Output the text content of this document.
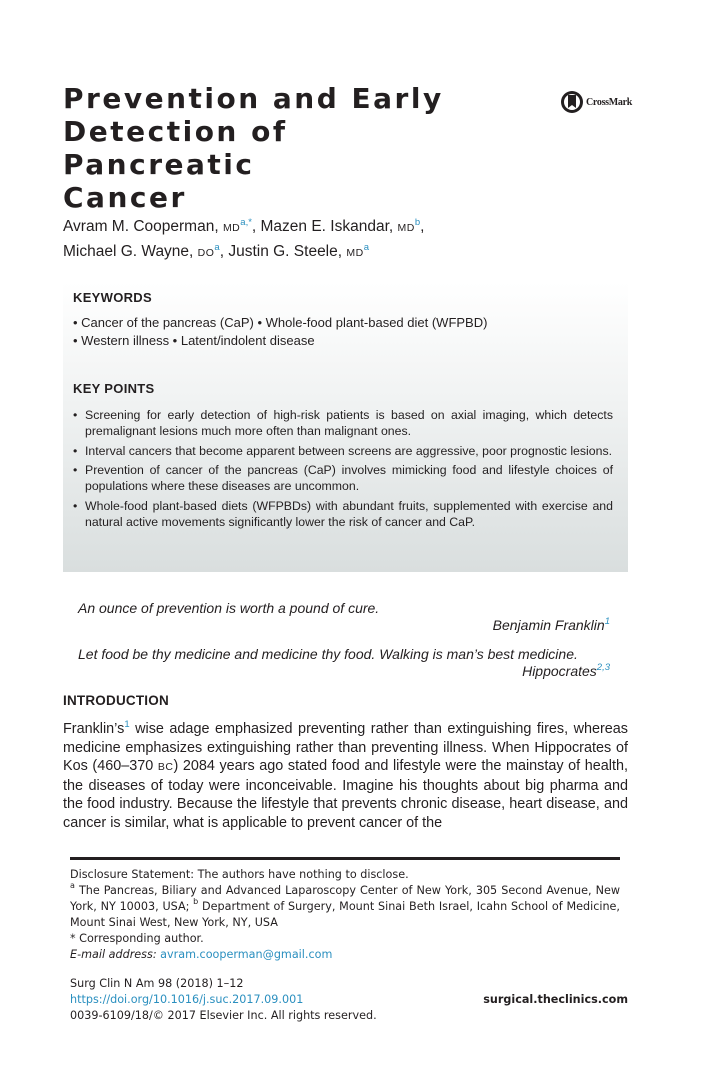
Prevention and Early
Detection of Pancreatic
Cancer
CrossMark
Avram M. Cooperman, $MD^{a,*}$, Mazen E. Iskandar, $MD^b$,
Michael G. Wayne, $DO^a$, Justin G. Steele, $MD^a$
KEYWORDS
• Cancer of the pancreas (CaP) • Whole-food plant-based diet (WFPBD)
• Western illness • Latent/indolent disease
KEY POINTS
• Screening for early detection of high-risk patients is based on axial imaging, which detects premalignant lesions much more often than malignant ones.
• Interval cancers that become apparent between screens are aggressive, poor prognostic lesions.
• Prevention of cancer of the pancreas (CaP) involves mimicking food and lifestyle choices of populations where these diseases are uncommon.
• Whole-food plant-based diets (WFPBDs) with abundant fruits, supplemented with exercise and natural active movements significantly lower the risk of cancer and CaP.
An ounce of prevention is worth a pound of cure.
Benjamin Franklin$^1$
Let food be thy medicine and medicine thy food. Walking is man’s best medicine.
Hippocrates$^{2,3}$
INTRODUCTION

$Franklin’s^1$ wise adage emphasized preventing rather than extinguishing fires, whereas medicine emphasizes extinguishing rather than preventing illness. When Hippocrates of Kos (460–370 BC) 2084 years ago stated food and lifestyle were the mainstay of health, the diseases of today were inconceivable. Imagine his thoughts about big pharma and the food industry. Because the lifestyle that prevents chronic disease, heart disease, and cancer is similar, what is applicable to prevent cancer of the

Disclosure Statement: The authors have nothing to disclose.
$^a$ The Pancreas, Biliary and Advanced Laparoscopy Center of New York, 305 Second Avenue, New York, NY 10003, USA; $^b$ Department of Surgery, Mount Sinai Beth Israel, Icahn School of Medicine, Mount Sinai West, New York, NY, USA
* Corresponding author.
E-mail address: avram.cooperman@gmail.com
Surg Clin N Am 98 (2018) 1–12
https://doi.org/10.1016/j.suc.2017.09.001
0039-6109/18/© 2017 Elsevier Inc. All rights reserved.
surgical.theclinics.com
